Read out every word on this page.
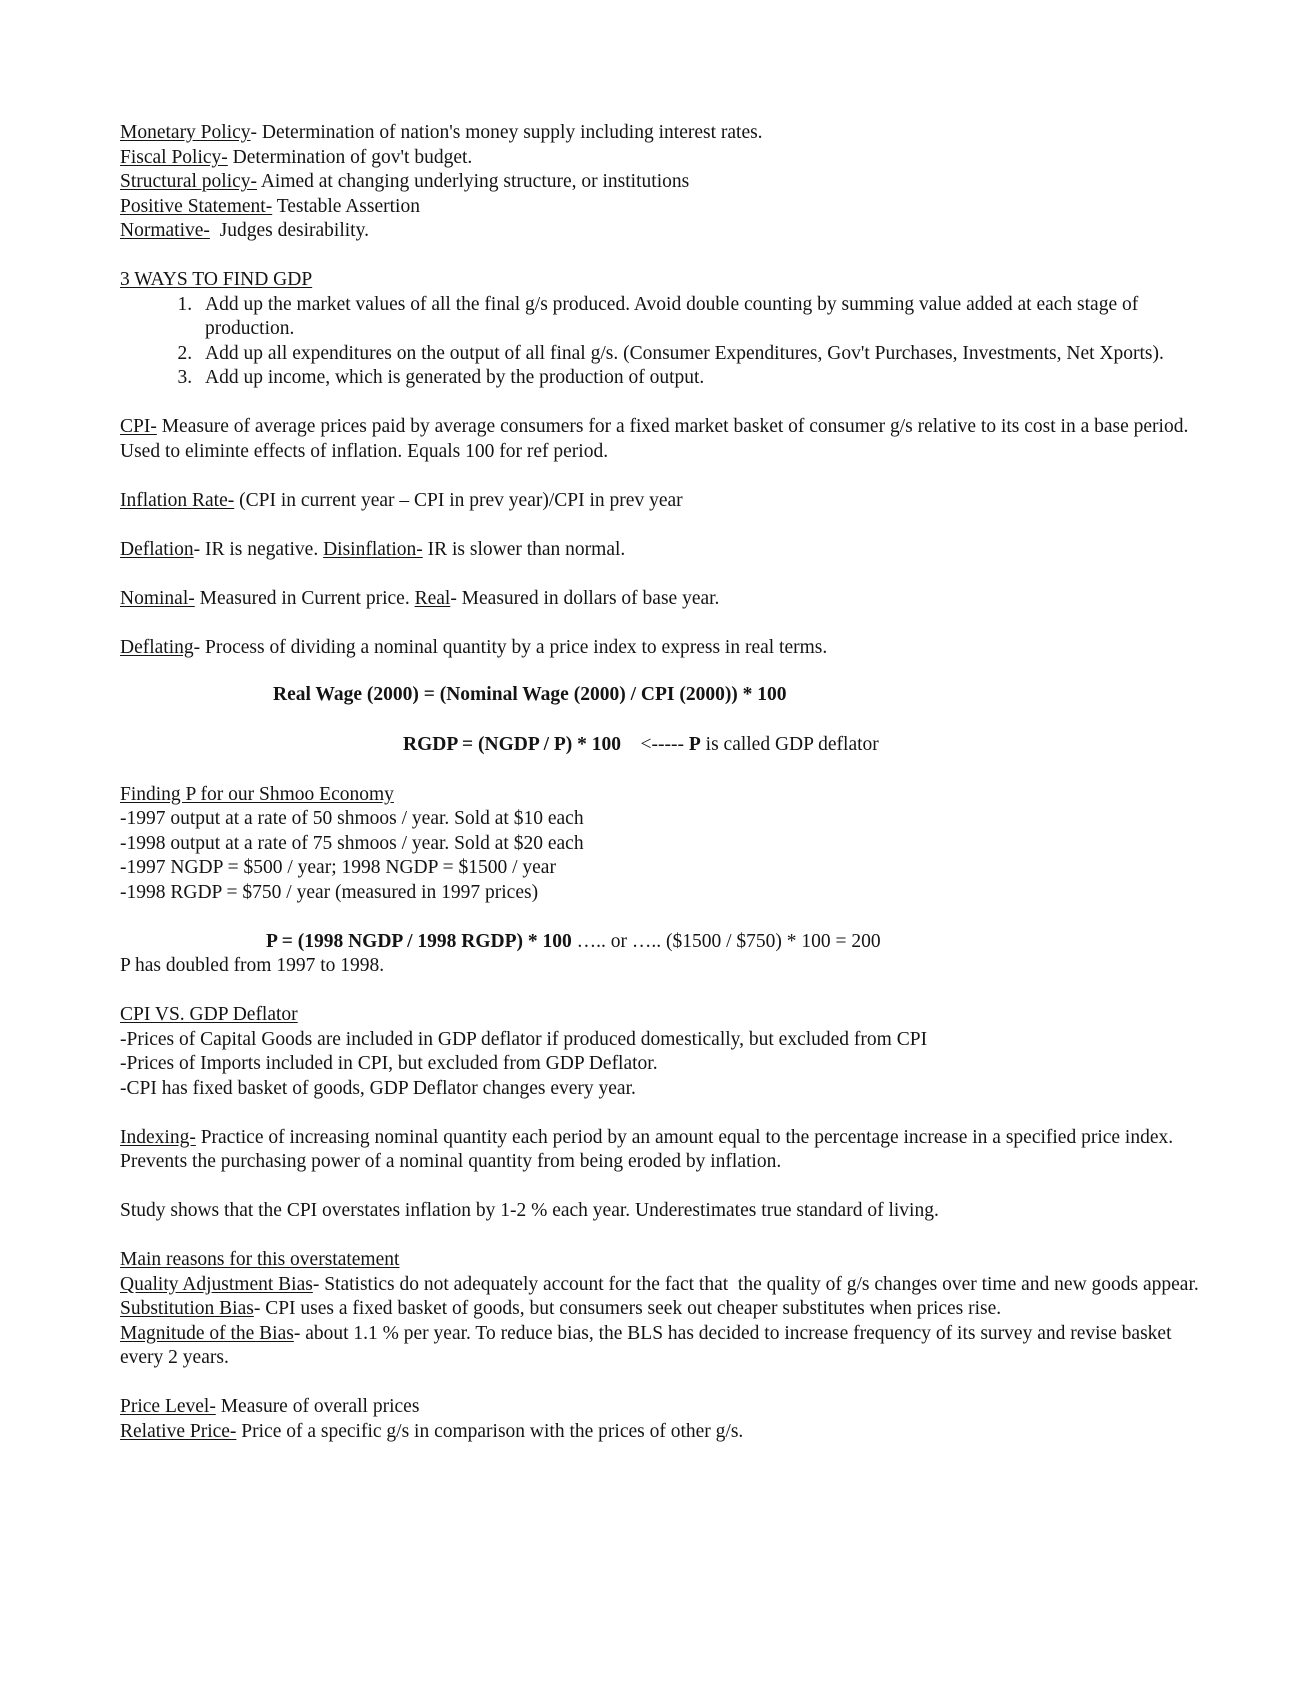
Monetary Policy- Determination of nation's money supply including interest rates.

Fiscal Policy- Determination of gov't budget.

Structural policy- Aimed at changing underlying structure, or institutions

Positive Statement- Testable Assertion

Normative-  Judges desirability.

3 WAYS TO FIND GDP

1. Add up the market values of all the final g/s produced. Avoid double counting by summing value added at each stage of production.
2. Add up all expenditures on the output of all final g/s. (Consumer Expenditures, Gov't Purchases, Investments, Net Xports).
3. Add up income, which is generated by the production of output.

CPI- Measure of average prices paid by average consumers for a fixed market basket of consumer g/s relative to its cost in a base period. Used to eliminte effects of inflation. Equals 100 for ref period.

Inflation Rate- (CPI in current year – CPI in prev year)/CPI in prev year

Deflation- IR is negative. Disinflation- IR is slower than normal.

Nominal- Measured in Current price. Real- Measured in dollars of base year.

Deflating- Process of dividing a nominal quantity by a price index to express in real terms.

Real Wage (2000) = (Nominal Wage (2000) / CPI (2000)) * 100

RGDP = (NGDP / P) * 100    <----- P is called GDP deflator

Finding P for our Shmoo Economy

-1997 output at a rate of 50 shmoos / year. Sold at $10 each

-1998 output at a rate of 75 shmoos / year. Sold at $20 each

-1997 NGDP = $500 / year; 1998 NGDP = $1500 / year

-1998 RGDP = $750 / year (measured in 1997 prices)

P = (1998 NGDP / 1998 RGDP) * 100 ….. or ….. ($1500 / $750) * 100 = 200

P has doubled from 1997 to 1998.

CPI VS. GDP Deflator

-Prices of Capital Goods are included in GDP deflator if produced domestically, but excluded from CPI

-Prices of Imports included in CPI, but excluded from GDP Deflator.

-CPI has fixed basket of goods, GDP Deflator changes every year.

Indexing- Practice of increasing nominal quantity each period by an amount equal to the percentage increase in a specified price index. Prevents the purchasing power of a nominal quantity from being eroded by inflation.

Study shows that the CPI overstates inflation by 1-2 % each year. Underestimates true standard of living.

Main reasons for this overstatement

Quality Adjustment Bias- Statistics do not adequately account for the fact that  the quality of g/s changes over time and new goods appear.

Substitution Bias- CPI uses a fixed basket of goods, but consumers seek out cheaper substitutes when prices rise.

Magnitude of the Bias- about 1.1 % per year. To reduce bias, the BLS has decided to increase frequency of its survey and revise basket every 2 years.

Price Level- Measure of overall prices

Relative Price- Price of a specific g/s in comparison with the prices of other g/s.
